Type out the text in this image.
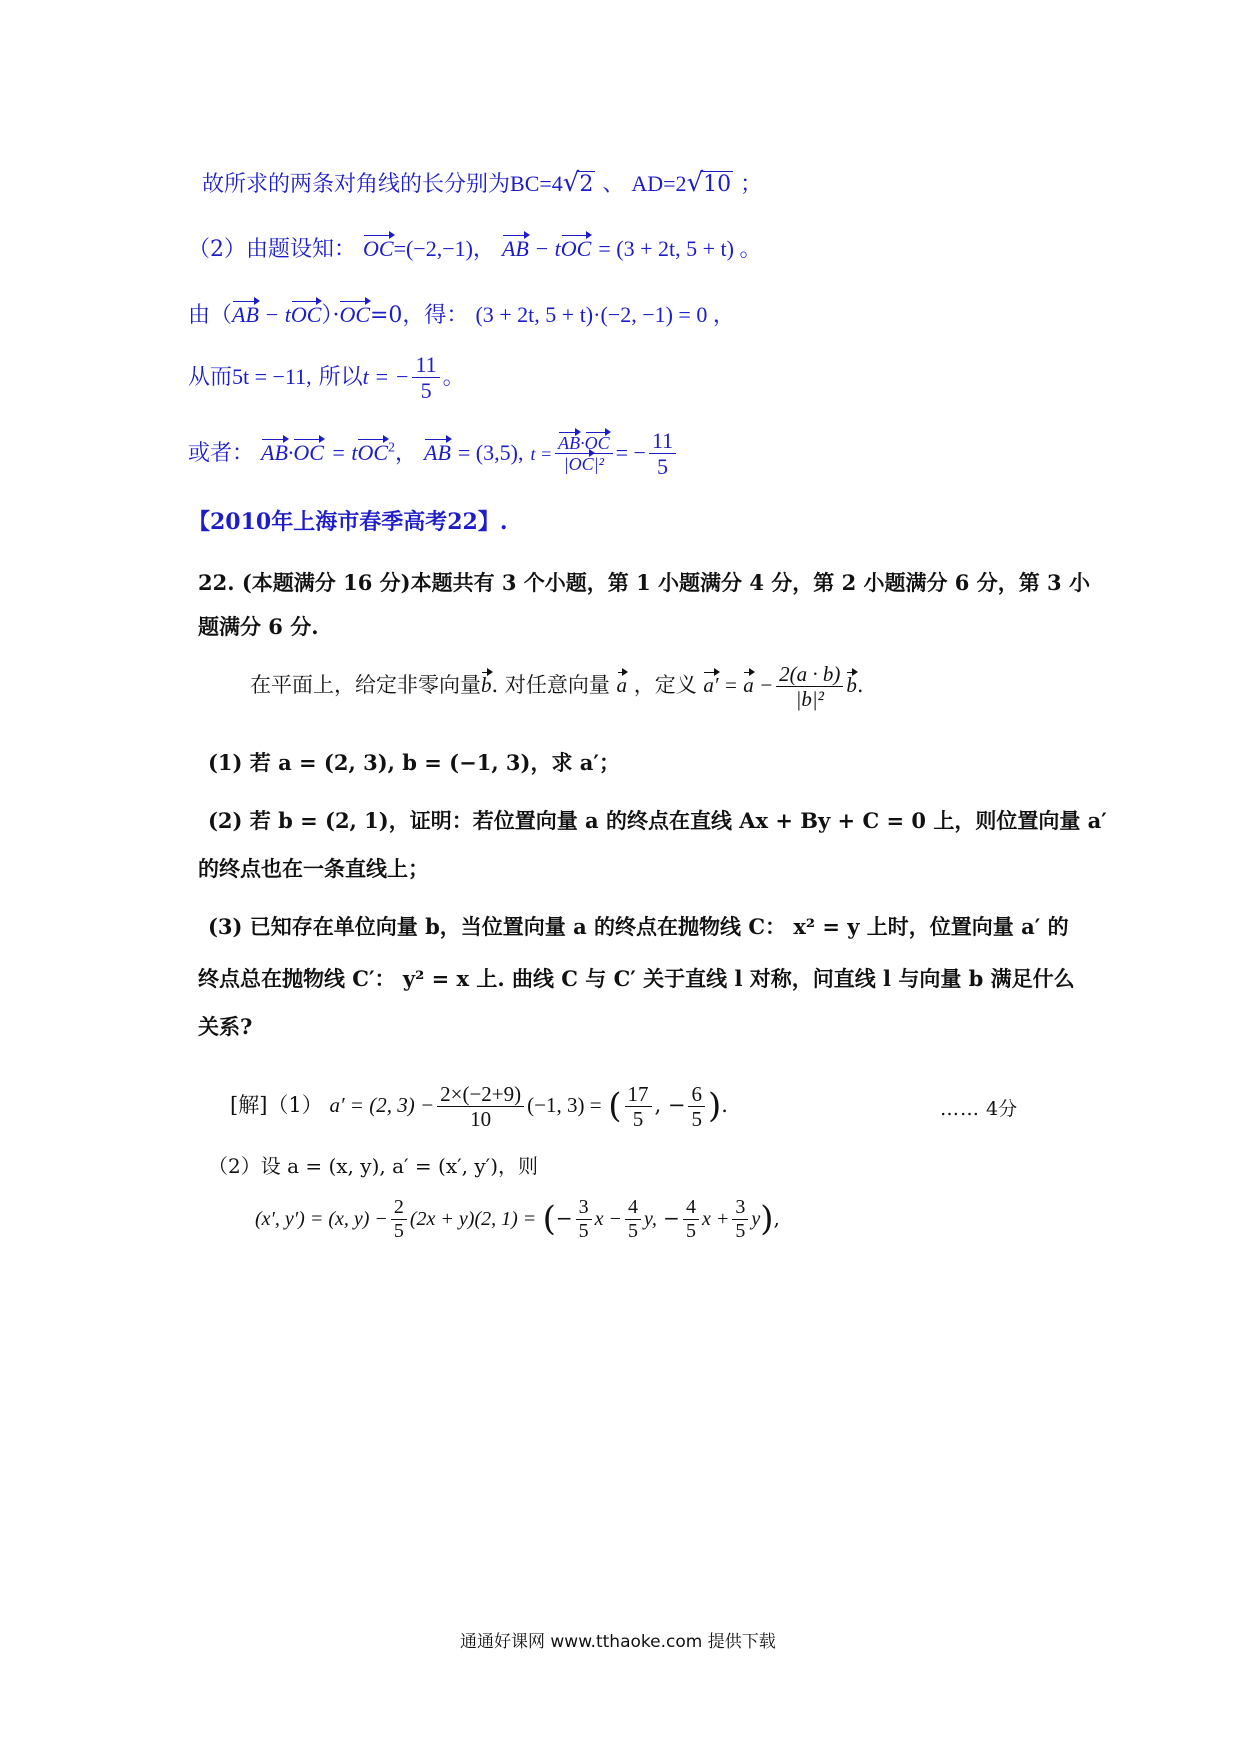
故所求的两条对角线的长分别为BC=4√2 、 AD=2√10 ；
（2）由题设知： OC=(−2,−1)， AB − tOC = (3 + 2t, 5 + t) 。
由（AB − tOC）·OC=0，得： (3 + 2t, 5 + t)·(−2, −1) = 0 ，
从而5t = −11, 所以t = − $\frac{11}{5}$ 。
或者： AB·OC = tOC$^2$， AB = (3,5), $t = \frac{AB\cdot OC}{\text{|OC|²}}$ = − $\frac{11}{5}$
【2010年上海市春季高考22】.
22. (本题满分 16 分)本题共有 3 个小题，第 1 小题满分 4 分，第 2 小题满分 6 分，第 3 小
题满分 6 分.
在平面上，给定非零向量b. 对任意向量 a ，定义 $a' = a - \frac{2(a \cdot b)}{\text{|b|²}} b$.
(1) 若 a = (2, 3), b = (−1, 3)，求 a′；
(2) 若 b = (2, 1)，证明：若位置向量 a 的终点在直线 Ax + By + C = 0 上，则位置向量 a′
的终点也在一条直线上；
(3) 已知存在单位向量 b，当位置向量 a 的终点在抛物线 C： x² = y 上时，位置向量 a′ 的
终点总在抛物线 C′： y² = x 上. 曲线 C 与 C′ 关于直线 l 对称，问直线 l 与向量 b 满足什么
关系?
[解]（1） a′ = (2, $3) - \frac{2\times(-2+9)}{10} (-1$, 3) = ( $\frac{17}{5}$ , − $\frac{6}{5}$ ).	…… 4分
（2）设 a = (x, y), a′ = (x′, y′)，则
(x′, y′) = (x, $y) - \frac{2}{5} (2x + y)(2$, 1) = (− $\frac{3}{5}$ $x - \frac{4}{5} y$, − $\frac{4}{5}$ $x + \frac{3}{5} y$),
通通好课网 www.tthaoke.com 提供下载
